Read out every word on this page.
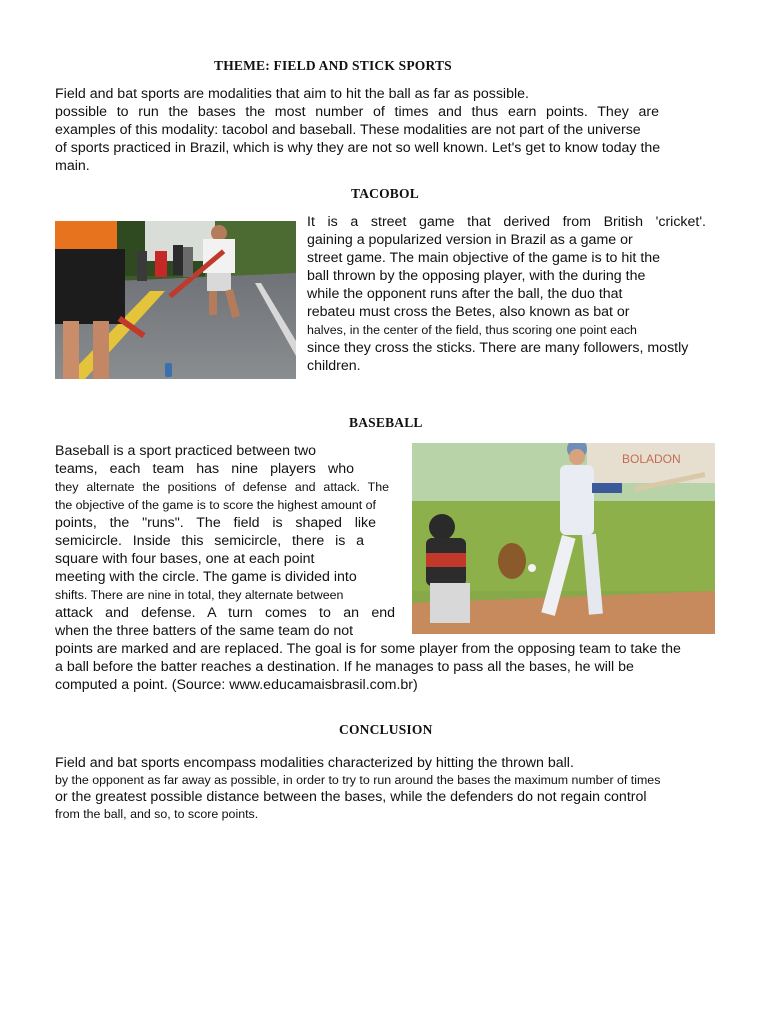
THEME: FIELD AND STICK SPORTS
Field and bat sports are modalities that aim to hit the ball as far as possible.
possible to run the bases the most number of times and thus earn points. They are
examples of this modality: tacobol and baseball. These modalities are not part of the universe
of sports practiced in Brazil, which is why they are not so well known. Let's get to know today the
main.
TACOBOL
It is a street game that derived from British 'cricket'.
gaining a popularized version in Brazil as a game or
street game. The main objective of the game is to hit the
ball thrown by the opposing player, with the during the
while the opponent runs after the ball, the duo that
rebateu must cross the Betes, also known as bat or
halves, in the center of the field, thus scoring one point each
since they cross the sticks. There are many followers, mostly
children.
BASEBALL
BOLADON
Baseball is a sport practiced between two
teams, each team has nine players who
they alternate the positions of defense and attack. The
the objective of the game is to score the highest amount of
points, the "runs". The field is shaped like
semicircle. Inside this semicircle, there is a
square with four bases, one at each point
meeting with the circle. The game is divided into
shifts. There are nine in total, they alternate between
attack and defense. A turn comes to an end
when the three batters of the same team do not
points are marked and are replaced. The goal is for some player from the opposing team to take the
a ball before the batter reaches a destination. If he manages to pass all the bases, he will be
computed a point. (Source: www.educamaisbrasil.com.br)
CONCLUSION
Field and bat sports encompass modalities characterized by hitting the thrown ball.
by the opponent as far away as possible, in order to try to run around the bases the maximum number of times
or the greatest possible distance between the bases, while the defenders do not regain control
from the ball, and so, to score points.
